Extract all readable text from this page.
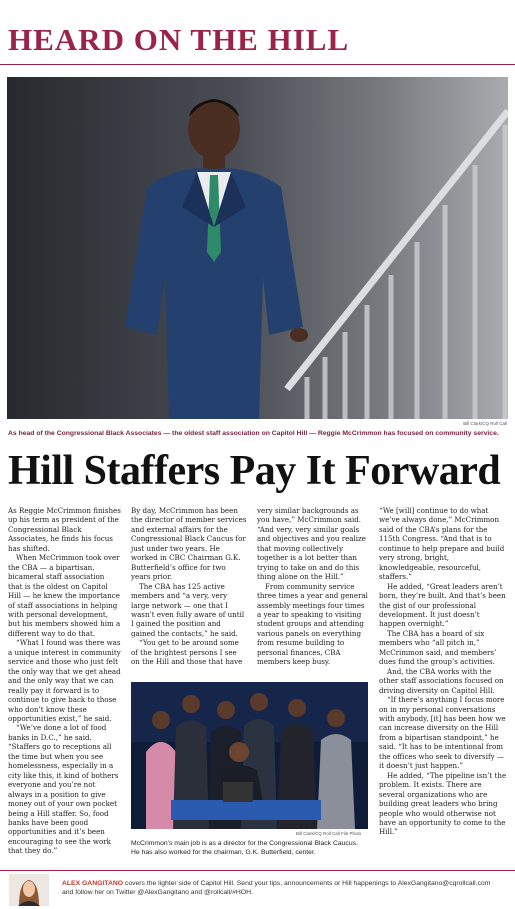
HEARD ON THE HILL
Bill Clark/CQ Roll Call
As head of the Congressional Black Associates — the oldest staff association on Capitol Hill — Reggie McCrimmon has focused on community service.
Hill Staffers Pay It Forward

As Reggie McCrimmon finishes up his term as president of the Congressional Black Associates, he finds his focus has shifted.

When McCrimmon took over the CBA — a bipartisan, bicameral staff association that is the oldest on Capitol Hill — he knew the importance of staff associations in helping with personal development, but his members showed him a different way to do that.

“What I found was there was a unique interest in community service and those who just felt the only way that we get ahead and the only way that we can really pay it forward is to continue to give back to those who don’t know these opportunities exist,” he said.

“We’ve done a lot of food banks in D.C.,” he said. “Staffers go to receptions all the time but when you see homelessness, especially in a city like this, it kind of bothers everyone and you’re not always in a position to give money out of your own pocket being a Hill staffer. So, food banks have been good opportunities and it’s been encouraging to see the work that they do.”

By day, McCrimmon has been the director of member services and external affairs for the Congressional Black Caucus for just under two years. He worked in CBC Chairman G.K. Butterfield’s office for two years prior.

The CBA has 125 active members and “a very, very large network — one that I wasn’t even fully aware of until I gained the position and gained the contacts,” he said.

“You get to be around some of the brightest persons I see on the Hill and those that have

very similar backgrounds as you have,” McCrimmon said. “And very, very similar goals and objectives and you realize that moving collectively together is a lot better than trying to take on and do this thing alone on the Hill.”

From community service three times a year and general assembly meetings four times a year to speaking to visiting student groups and attending various panels on everything from resume building to personal finances, CBA members keep busy.

“We [will] continue to do what we’ve always done,” McCrimmon said of the CBA’s plans for the 115th Congress. “And that is to continue to help prepare and build very strong, bright, knowledgeable, resourceful, staffers.”

He added, “Great leaders aren’t born, they’re built. And that’s been the gist of our professional development. It just doesn’t happen overnight.”

The CBA has a board of six members who “all pitch in,” McCrimmon said, and members’ dues fund the group’s activities.

And, the CBA works with the other staff associations focused on driving diversity on Capitol Hill.

“If there’s anything I focus more on in my personal conversations with anybody, [it] has been how we can increase diversity on the Hill from a bipartisan standpoint,” he said. “It has to be intentional from the offices who seek to diversify — it doesn’t just happen.”

He added, “The pipeline isn’t the problem. It exists. There are several organizations who are building great leaders who bring people who would otherwise not have an opportunity to come to the Hill.”

Bill Clark/CQ Roll Call File Photo
McCrimmon’s main job is as a director for the Congressional Black Caucus. He has also worked for the chairman, G.K. Butterfield, center.
ALEX GANGITANO covers the lighter side of Capitol Hill. Send your tips, announcements or Hill happenings to AlexGangitano@cqrollcall.com and follow her on Twitter @AlexGangitano and @rollcall/#HOH.
